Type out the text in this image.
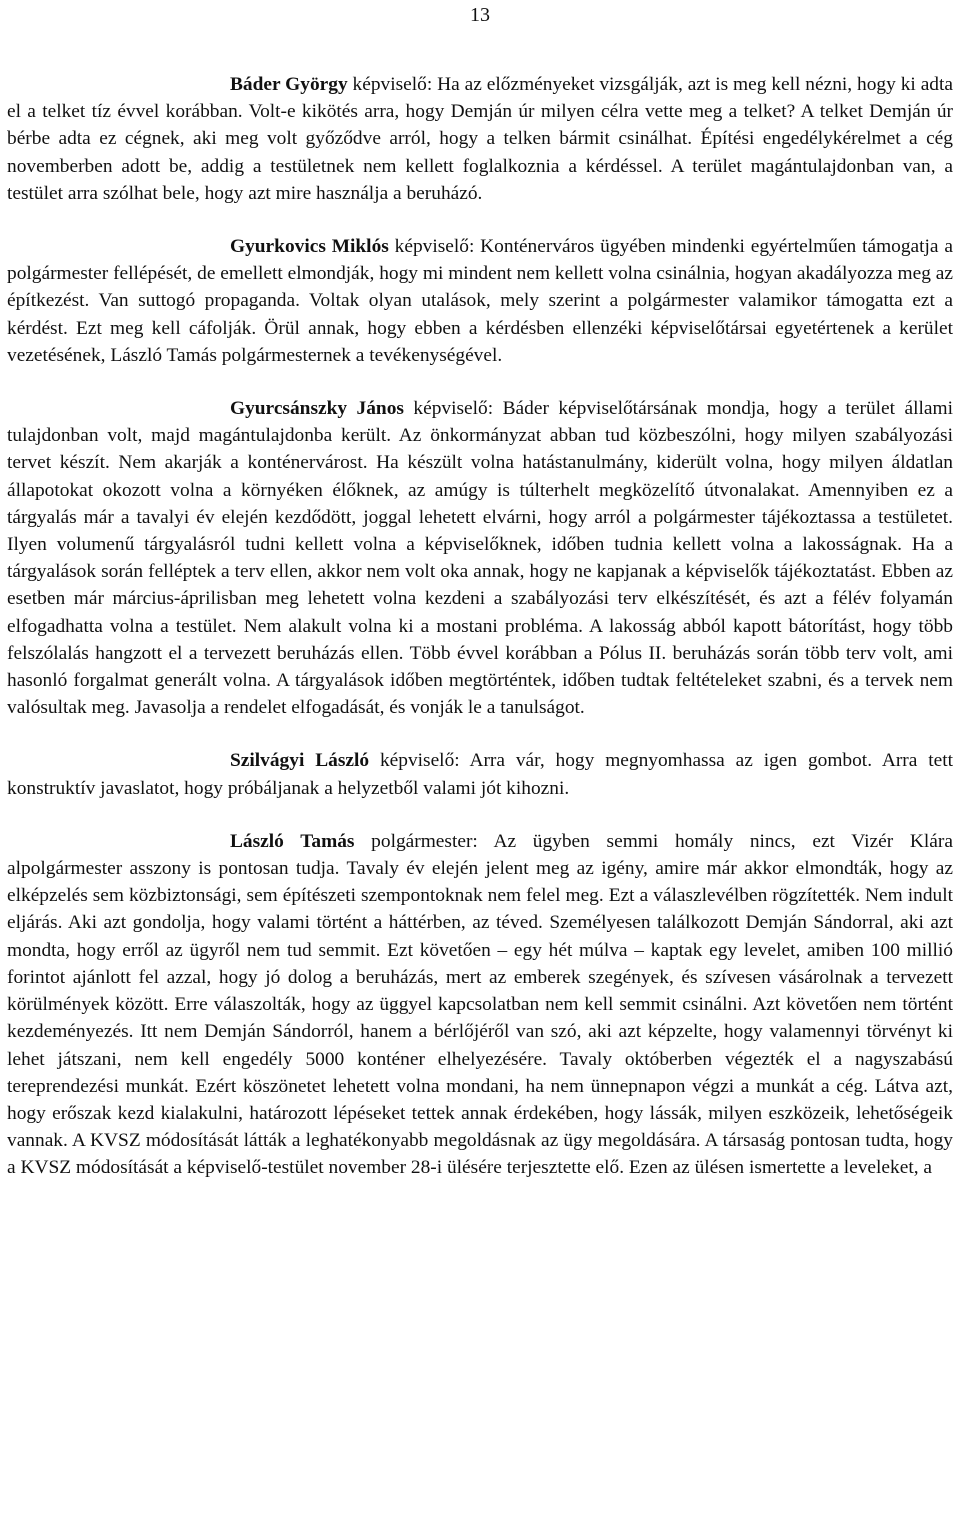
13

Báder György képviselő: Ha az előzményeket vizsgálják, azt is meg kell nézni, hogy ki adta el a telket tíz évvel korábban. Volt-e kikötés arra, hogy Demján úr milyen célra vette meg a telket? A telket Demján úr bérbe adta ez cégnek, aki meg volt győződve arról, hogy a telken bármit csinálhat. Építési engedélykérelmet a cég novemberben adott be, addig a testületnek nem kellett foglalkoznia a kérdéssel. A terület magántulajdonban van, a testület arra szólhat bele, hogy azt mire használja a beruházó.

Gyurkovics Miklós képviselő: Konténerváros ügyében mindenki egyértelműen támogatja a polgármester fellépését, de emellett elmondják, hogy mi mindent nem kellett volna csinálnia, hogyan akadályozza meg az építkezést. Van suttogó propaganda. Voltak olyan utalások, mely szerint a polgármester valamikor támogatta ezt a kérdést. Ezt meg kell cáfolják. Örül annak, hogy ebben a kérdésben ellenzéki képviselőtársai egyetértenek a kerület vezetésének, László Tamás polgármesternek a tevékenységével.

Gyurcsánszky János képviselő: Báder képviselőtársának mondja, hogy a terület állami tulajdonban volt, majd magántulajdonba került. Az önkormányzat abban tud közbeszólni, hogy milyen szabályozási tervet készít. Nem akarják a konténervárost. Ha készült volna hatástanulmány, kiderült volna, hogy milyen áldatlan állapotokat okozott volna a környéken élőknek, az amúgy is túlterhelt megközelítő útvonalakat. Amennyiben ez a tárgyalás már a tavalyi év elején kezdődött, joggal lehetett elvárni, hogy arról a polgármester tájékoztassa a testületet. Ilyen volumenű tárgyalásról tudni kellett volna a képviselőknek, időben tudnia kellett volna a lakosságnak. Ha a tárgyalások során felléptek a terv ellen, akkor nem volt oka annak, hogy ne kapjanak a képviselők tájékoztatást. Ebben az esetben már március-áprilisban meg lehetett volna kezdeni a szabályozási terv elkészítését, és azt a félév folyamán elfogadhatta volna a testület. Nem alakult volna ki a mostani probléma. A lakosság abból kapott bátorítást, hogy több felszólalás hangzott el a tervezett beruházás ellen. Több évvel korábban a Pólus II. beruházás során több terv volt, ami hasonló forgalmat generált volna. A tárgyalások időben megtörténtek, időben tudtak feltételeket szabni, és a tervek nem valósultak meg. Javasolja a rendelet elfogadását, és vonják le a tanulságot.

Szilvágyi László képviselő: Arra vár, hogy megnyomhassa az igen gombot. Arra tett konstruktív javaslatot, hogy próbáljanak a helyzetből valami jót kihozni.

László Tamás polgármester: Az ügyben semmi homály nincs, ezt Vizér Klára alpolgármester asszony is pontosan tudja. Tavaly év elején jelent meg az igény, amire már akkor elmondták, hogy az elképzelés sem közbiztonsági, sem építészeti szempontoknak nem felel meg. Ezt a válaszlevélben rögzítették. Nem indult eljárás. Aki azt gondolja, hogy valami történt a háttérben, az téved. Személyesen találkozott Demján Sándorral, aki azt mondta, hogy erről az ügyről nem tud semmit. Ezt követően – egy hét múlva – kaptak egy levelet, amiben 100 millió forintot ajánlott fel azzal, hogy jó dolog a beruházás, mert az emberek szegények, és szívesen vásárolnak a tervezett körülmények között. Erre válaszolták, hogy az üggyel kapcsolatban nem kell semmit csinálni. Azt követően nem történt kezdeményezés. Itt nem Demján Sándorról, hanem a bérlőjéről van szó, aki azt képzelte, hogy valamennyi törvényt ki lehet játszani, nem kell engedély 5000 konténer elhelyezésére. Tavaly októberben végezték el a nagyszabású tereprendezési munkát. Ezért köszönetet lehetett volna mondani, ha nem ünnepnapon végzi a munkát a cég. Látva azt, hogy erőszak kezd kialakulni, határozott lépéseket tettek annak érdekében, hogy lássák, milyen eszközeik, lehetőségeik vannak. A KVSZ módosítását látták a leghatékonyabb megoldásnak az ügy megoldására. A társaság pontosan tudta, hogy a KVSZ módosítását a képviselő-testület november 28-i ülésére terjesztette elő. Ezen az ülésen ismertette a leveleket, a
